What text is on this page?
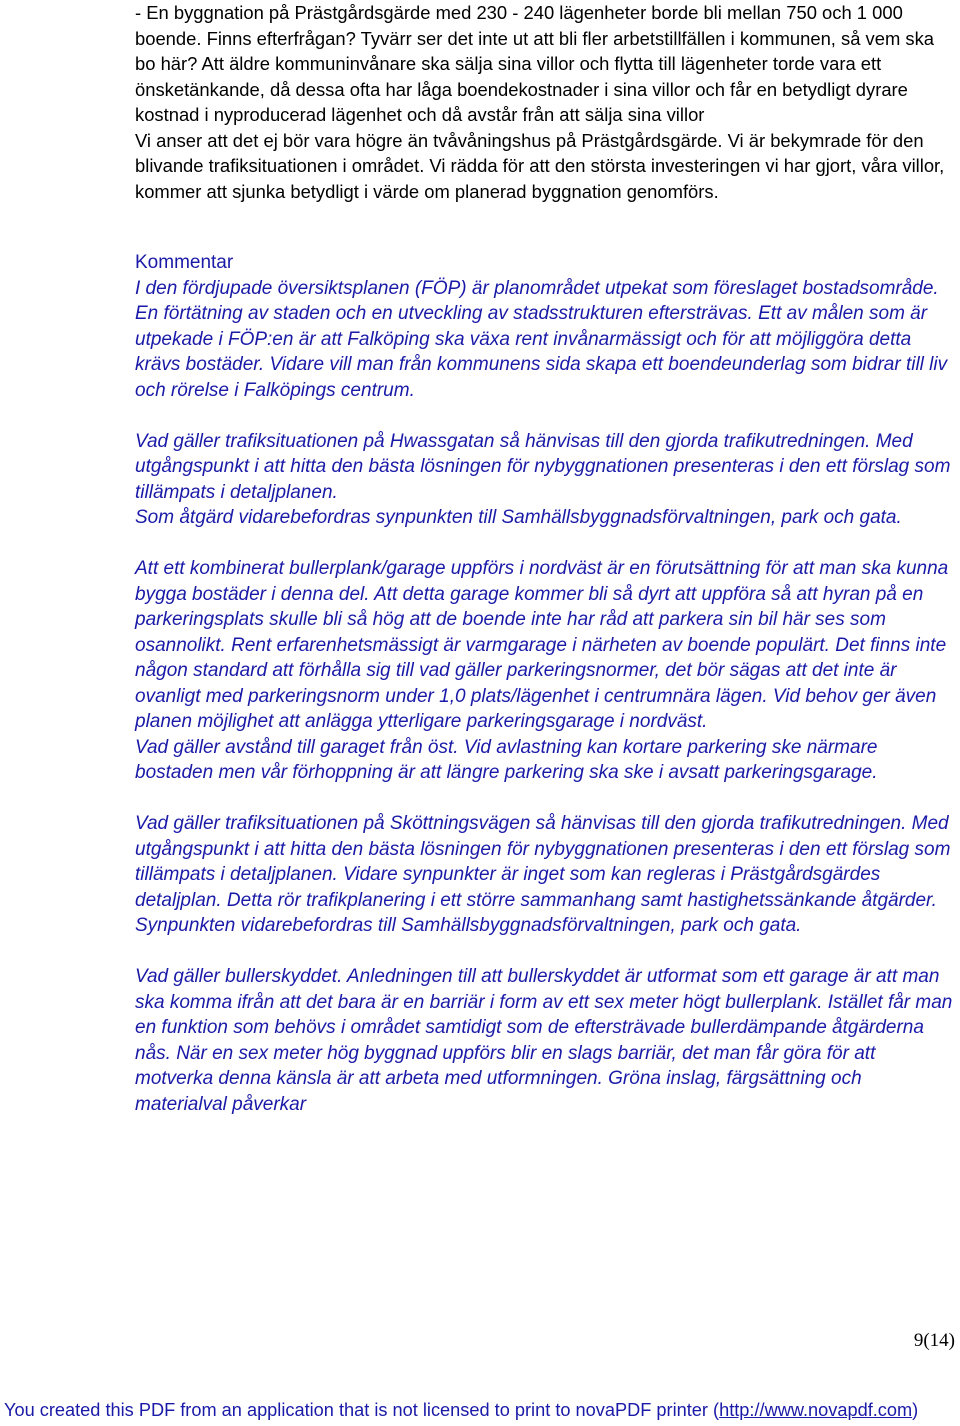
- En byggnation på Prästgårdsgärde med 230 - 240 lägenheter borde bli mellan 750 och 1 000 boende. Finns efterfrågan? Tyvärr ser det inte ut att bli fler arbetstillfällen i kommunen, så vem ska bo här? Att äldre kommuninvånare ska sälja sina villor och flytta till lägenheter torde vara ett önsketänkande, då dessa ofta har låga boendekostnader i sina villor och får en betydligt dyrare kostnad i nyproducerad lägenhet och då avstår från att sälja sina villor

Vi anser att det ej bör vara högre än tvåvåningshus på Prästgårdsgärde. Vi är bekymrade för den blivande trafiksituationen i området. Vi rädda för att den största investeringen vi har gjort, våra villor, kommer att sjunka betydligt i värde om planerad byggnation genomförs.

Kommentar

I den fördjupade översiktsplanen (FÖP) är planområdet utpekat som föreslaget bostadsområde. En förtätning av staden och en utveckling av stadsstrukturen eftersträvas. Ett av målen som är utpekade i FÖP:en är att Falköping ska växa rent invånarmässigt och för att möjliggöra detta krävs bostäder. Vidare vill man från kommunens sida skapa ett boendeunderlag som bidrar till liv och rörelse i Falköpings centrum.

Vad gäller trafiksituationen på Hwassgatan så hänvisas till den gjorda trafikutredningen. Med utgångspunkt i att hitta den bästa lösningen för nybyggnationen presenteras i den ett förslag som tillämpats i detaljplanen.

Som åtgärd vidarebefordras synpunkten till Samhällsbyggnadsförvaltningen, park och gata.

Att ett kombinerat bullerplank/garage uppförs i nordväst är en förutsättning för att man ska kunna bygga bostäder i denna del. Att detta garage kommer bli så dyrt att uppföra så att hyran på en parkeringsplats skulle bli så hög att de boende inte har råd att parkera sin bil här ses som osannolikt. Rent erfarenhetsmässigt är varmgarage i närheten av boende populärt. Det finns inte någon standard att förhålla sig till vad gäller parkeringsnormer, det bör sägas att det inte är ovanligt med parkeringsnorm under 1,0 plats/lägenhet i centrumnära lägen. Vid behov ger även planen möjlighet att anlägga ytterligare parkeringsgarage i nordväst.

Vad gäller avstånd till garaget från öst. Vid avlastning kan kortare parkering ske närmare bostaden men vår förhoppning är att längre parkering ska ske i avsatt parkeringsgarage.

Vad gäller trafiksituationen på Sköttningsvägen så hänvisas till den gjorda trafikutredningen. Med utgångspunkt i att hitta den bästa lösningen för nybyggnationen presenteras i den ett förslag som tillämpats i detaljplanen. Vidare synpunkter är inget som kan regleras i Prästgårdsgärdes detaljplan. Detta rör trafikplanering i ett större sammanhang samt hastighetssänkande åtgärder. Synpunkten vidarebefordras till Samhällsbyggnadsförvaltningen, park och gata.

Vad gäller bullerskyddet. Anledningen till att bullerskyddet är utformat som ett garage är att man ska komma ifrån att det bara är en barriär i form av ett sex meter högt bullerplank. Istället får man en funktion som behövs i området samtidigt som de eftersträvade bullerdämpande åtgärderna nås. När en sex meter hög byggnad uppförs blir en slags barriär, det man får göra för att motverka denna känsla är att arbeta med utformningen. Gröna inslag, färgsättning och materialval påverkar

9(14)
You created this PDF from an application that is not licensed to print to novaPDF printer (http://www.novapdf.com)
